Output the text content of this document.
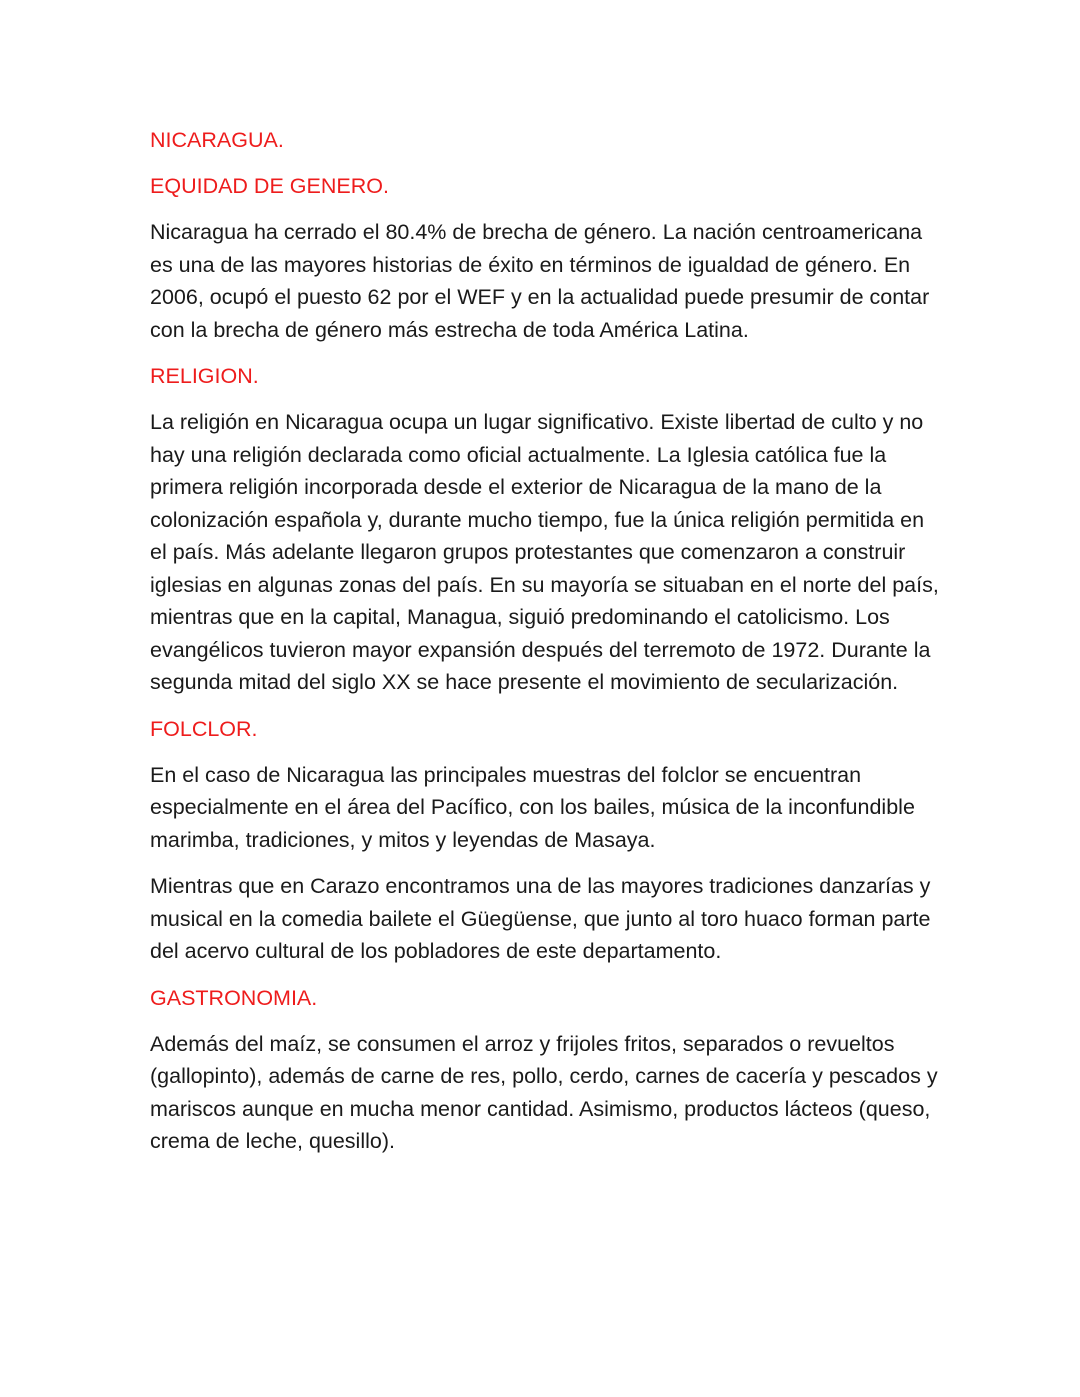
NICARAGUA.
EQUIDAD DE GENERO.

Nicaragua ha cerrado el 80.4% de brecha de género. La nación centroamericana es una de las mayores historias de éxito en términos de igualdad de género. En 2006, ocupó el puesto 62 por el WEF y en la actualidad puede presumir de contar con la brecha de género más estrecha de toda América Latina.

RELIGION.

La religión en Nicaragua ocupa un lugar significativo. Existe libertad de culto y no hay una religión declarada como oficial actualmente. La Iglesia católica fue la primera religión incorporada desde el exterior de Nicaragua de la mano de la colonización española y, durante mucho tiempo, fue la única religión permitida en el país. Más adelante llegaron grupos protestantes que comenzaron a construir iglesias en algunas zonas del país. En su mayoría se situaban en el norte del país, mientras que en la capital, Managua, siguió predominando el catolicismo. Los evangélicos tuvieron mayor expansión después del terremoto de 1972. Durante la segunda mitad del siglo XX se hace presente el movimiento de secularización.

FOLCLOR.

En el caso de Nicaragua las principales muestras del folclor se encuentran especialmente en el área del Pacífico, con los bailes, música de la inconfundible marimba, tradiciones, y mitos y leyendas de Masaya.

Mientras que en Carazo encontramos una de las mayores tradiciones danzarías y musical en la comedia bailete el Güegüense, que junto al toro huaco forman parte del acervo cultural de los pobladores de este departamento.

GASTRONOMIA.

Además del maíz, se consumen el arroz y frijoles fritos, separados o revueltos (gallopinto), además de carne de res, pollo, cerdo, carnes de cacería y pescados y mariscos aunque en mucha menor cantidad. Asimismo, productos lácteos (queso, crema de leche, quesillo).
